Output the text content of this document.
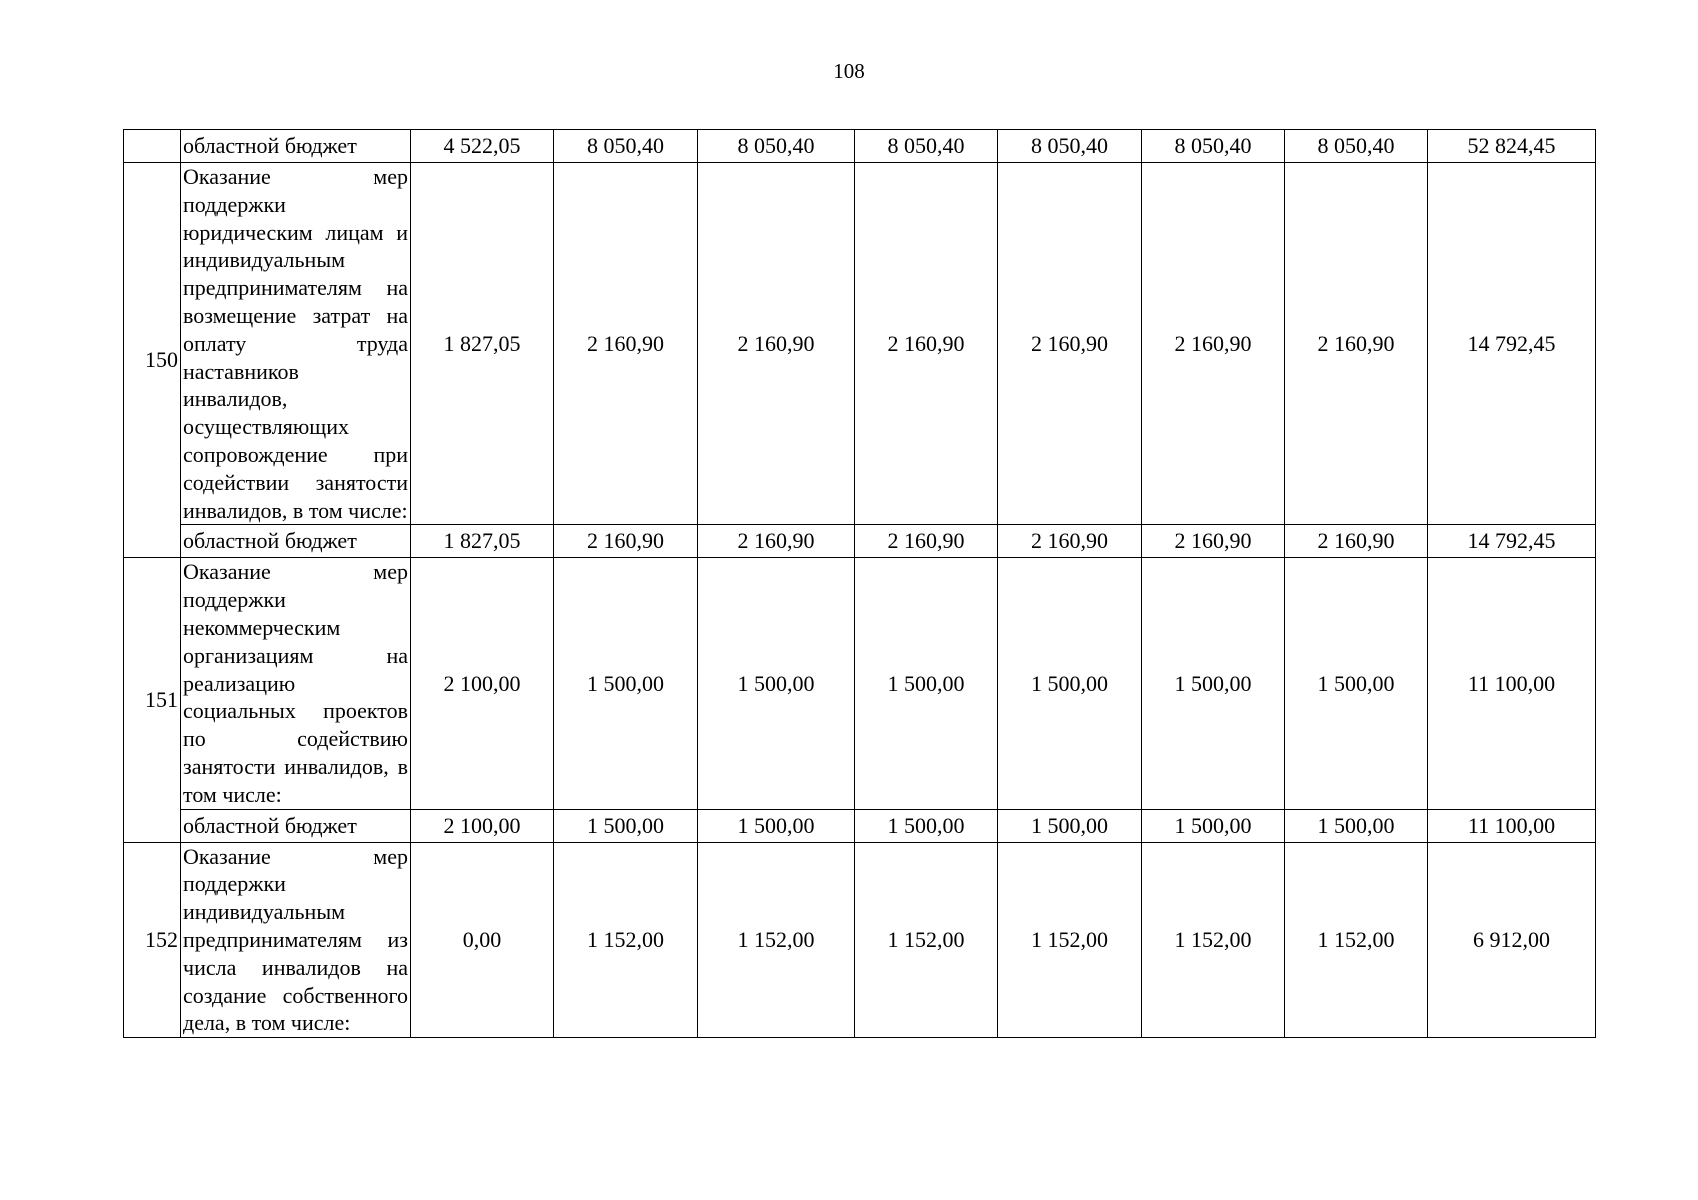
108
	областной бюджет	4 522,05	8 050,40	8 050,40	8 050,40	8 050,40	8 050,40	8 050,40	52 824,45
150	Оказание мер поддержки юридическим лицам и индивидуальным предпринимателям на возмещение затрат на оплату труда наставников инвалидов, осуществляющих сопровождение при содействии занятости инвалидов, в том числе:	1 827,05	2 160,90	2 160,90	2 160,90	2 160,90	2 160,90	2 160,90	14 792,45
	областной бюджет	1 827,05	2 160,90	2 160,90	2 160,90	2 160,90	2 160,90	2 160,90	14 792,45
151	Оказание мер поддержки некоммерческим организациям на реализацию социальных проектов по содействию занятости инвалидов, в том числе:	2 100,00	1 500,00	1 500,00	1 500,00	1 500,00	1 500,00	1 500,00	11 100,00
	областной бюджет	2 100,00	1 500,00	1 500,00	1 500,00	1 500,00	1 500,00	1 500,00	11 100,00
152	Оказание мер поддержки индивидуальным предпринимателям из числа инвалидов на создание собственного дела, в том числе:	0,00	1 152,00	1 152,00	1 152,00	1 152,00	1 152,00	1 152,00	6 912,00
